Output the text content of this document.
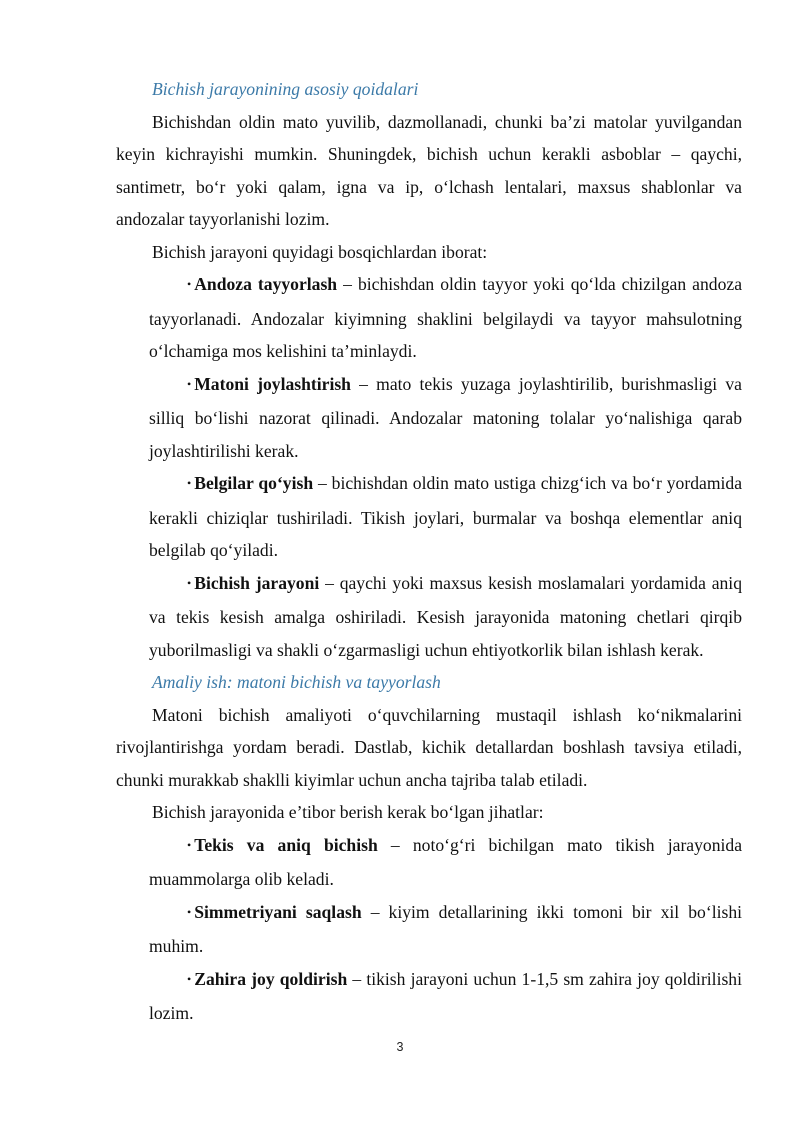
Bichish jarayonining asosiy qoidalari

Bichishdan oldin mato yuvilib, dazmollanadi, chunki ba’zi matolar yuvilgandan keyin kichrayishi mumkin. Shuningdek, bichish uchun kerakli asboblar – qaychi, santimetr, bo‘r yoki qalam, igna va ip, o‘lchash lentalari, maxsus shablonlar va andozalar tayyorlanishi lozim.

Bichish jarayoni quyidagi bosqichlardan iborat:

• Andoza tayyorlash – bichishdan oldin tayyor yoki qo‘lda chizilgan andoza tayyorlanadi. Andozalar kiyimning shaklini belgilaydi va tayyor mahsulotning o‘lchamiga mos kelishini ta’minlaydi.
• Matoni joylashtirish – mato tekis yuzaga joylashtirilib, burishmasligi va silliq bo‘lishi nazorat qilinadi. Andozalar matoning tolalar yo‘nalishiga qarab joylashtirilishi kerak.
• Belgilar qo‘yish – bichishdan oldin mato ustiga chizg‘ich va bo‘r yordamida kerakli chiziqlar tushiriladi. Tikish joylari, burmalar va boshqa elementlar aniq belgilab qo‘yiladi.
• Bichish jarayoni – qaychi yoki maxsus kesish moslamalari yordamida aniq va tekis kesish amalga oshiriladi. Kesish jarayonida matoning chetlari qirqib yuborilmasligi va shakli o‘zgarmasligi uchun ehtiyotkorlik bilan ishlash kerak.

Amaliy ish: matoni bichish va tayyorlash

Matoni bichish amaliyoti o‘quvchilarning mustaqil ishlash ko‘nikmalarini rivojlantirishga yordam beradi. Dastlab, kichik detallardan boshlash tavsiya etiladi, chunki murakkab shaklli kiyimlar uchun ancha tajriba talab etiladi.

Bichish jarayonida e’tibor berish kerak bo‘lgan jihatlar:

• Tekis va aniq bichish – noto‘g‘ri bichilgan mato tikish jarayonida muammolarga olib keladi.
• Simmetriyani saqlash – kiyim detallarining ikki tomoni bir xil bo‘lishi muhim.
• Zahira joy qoldirish – tikish jarayoni uchun 1-1,5 sm zahira joy qoldirilishi lozim.
3
